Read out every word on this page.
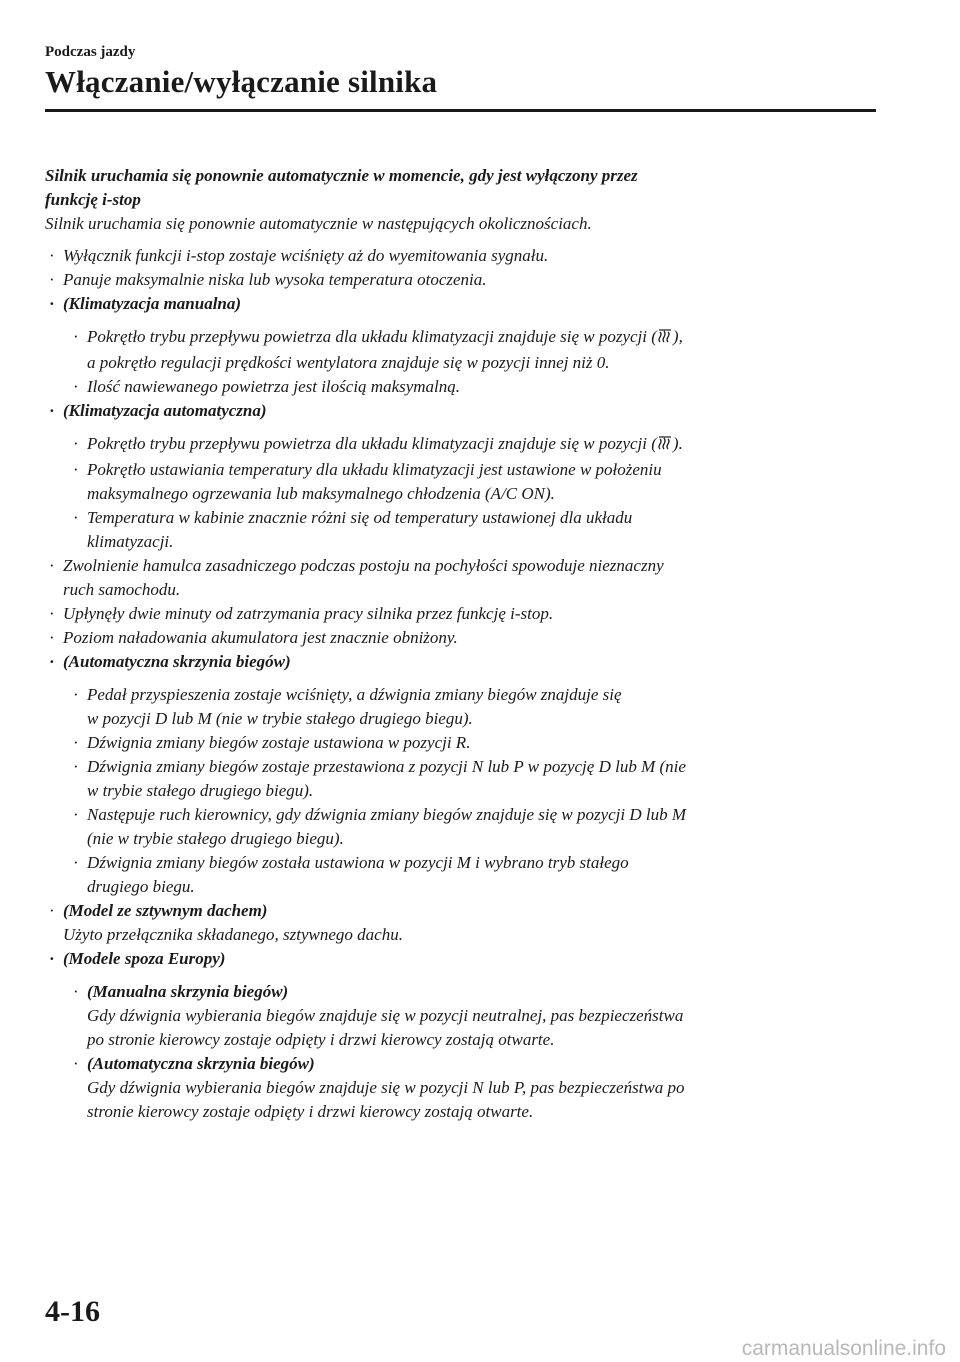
Podczas jazdy
Włączanie/wyłączanie silnika
Silnik uruchamia się ponownie automatycznie w momencie, gdy jest wyłączony przez
funkcję i-stop
Silnik uruchamia się ponownie automatycznie w następujących okolicznościach.
· Wyłącznik funkcji i-stop zostaje wciśnięty aż do wyemitowania sygnału.
· Panuje maksymalnie niska lub wysoka temperatura otoczenia.
· (Klimatyzacja manualna)
· Pokrętło trybu przepływu powietrza dla układu klimatyzacji znajduje się w pozycji ( ),
a pokrętło regulacji prędkości wentylatora znajduje się w pozycji innej niż 0.
· Ilość nawiewanego powietrza jest ilością maksymalną.
· (Klimatyzacja automatyczna)
· Pokrętło trybu przepływu powietrza dla układu klimatyzacji znajduje się w pozycji ( ).
· Pokrętło ustawiania temperatury dla układu klimatyzacji jest ustawione w położeniu
maksymalnego ogrzewania lub maksymalnego chłodzenia (A/C ON).
· Temperatura w kabinie znacznie różni się od temperatury ustawionej dla układu
klimatyzacji.
· Zwolnienie hamulca zasadniczego podczas postoju na pochyłości spowoduje nieznaczny
ruch samochodu.
· Upłynęły dwie minuty od zatrzymania pracy silnika przez funkcję i-stop.
· Poziom naładowania akumulatora jest znacznie obniżony.
· (Automatyczna skrzynia biegów)
· Pedał przyspieszenia zostaje wciśnięty, a dźwignia zmiany biegów znajduje się
w pozycji D lub M (nie w trybie stałego drugiego biegu).
· Dźwignia zmiany biegów zostaje ustawiona w pozycji R.
· Dźwignia zmiany biegów zostaje przestawiona z pozycji N lub P w pozycję D lub M (nie
w trybie stałego drugiego biegu).
· Następuje ruch kierownicy, gdy dźwignia zmiany biegów znajduje się w pozycji D lub M
(nie w trybie stałego drugiego biegu).
· Dźwignia zmiany biegów została ustawiona w pozycji M i wybrano tryb stałego
drugiego biegu.
· (Model ze sztywnym dachem)
Użyto przełącznika składanego, sztywnego dachu.
· (Modele spoza Europy)
· (Manualna skrzynia biegów)
Gdy dźwignia wybierania biegów znajduje się w pozycji neutralnej, pas bezpieczeństwa
po stronie kierowcy zostaje odpięty i drzwi kierowcy zostają otwarte.
· (Automatyczna skrzynia biegów)
Gdy dźwignia wybierania biegów znajduje się w pozycji N lub P, pas bezpieczeństwa po
stronie kierowcy zostaje odpięty i drzwi kierowcy zostają otwarte.
4-16
carmanualsonline.info
